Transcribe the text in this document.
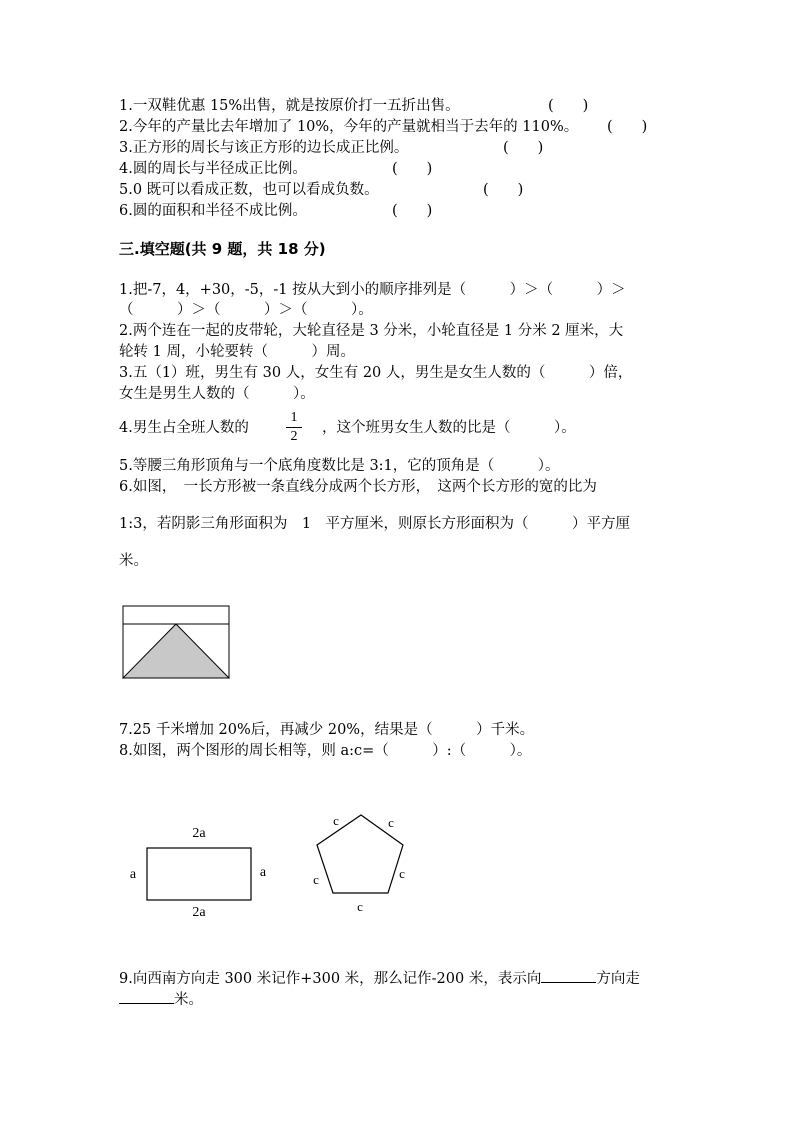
1.一双鞋优惠 15%出售，就是按原价打一五折出售。	(　　)
2.今年的产量比去年增加了 10%，今年的产量就相当于去年的 110%。 (　　)
3.正方形的周长与该正方形的边长成正比例。	(　　)
4.圆的周长与半径成正比例。	(　　)
5.0 既可以看成正数，也可以看成负数。	(　　)
6.圆的面积和半径不成比例。	(　　)
三.填空题(共 9 题，共 18 分)
1.把-7，4，+30，-5，-1 按从大到小的顺序排列是（　　　）＞（　　　）＞
（　　　）＞（　　　）＞（　　　）。
2.两个连在一起的皮带轮，大轮直径是 3 分米，小轮直径是 1 分米 2 厘米，大
轮转 1 周，小轮要转（　　　）周。
3.五（1）班，男生有 30 人，女生有 20 人，男生是女生人数的（　　　）倍，
女生是男生人数的（　　　）。
4.男生占全班人数的
1
2
，这个班男女生人数的比是（　　　）。
5.等腰三角形顶角与一个底角度数比是 3:1，它的顶角是（　　　）。
6.如图，　一长方形被一条直线分成两个长方形，　这两个长方形的宽的比为
1:3，若阴影三角形面积为　1　平方厘米，则原长方形面积为（　　　）平方厘
米。
7.25 千米增加 20%后，再减少 20%，结果是（　　　）千米。
8.如图，两个图形的周长相等，则 a:c=（　　　）:（　　　）。
2a
2a
a	a
c	c
c	c
c
9.向西南方向走 300 米记作+300 米，那么记作-200 米，表示向	方向走
米。
